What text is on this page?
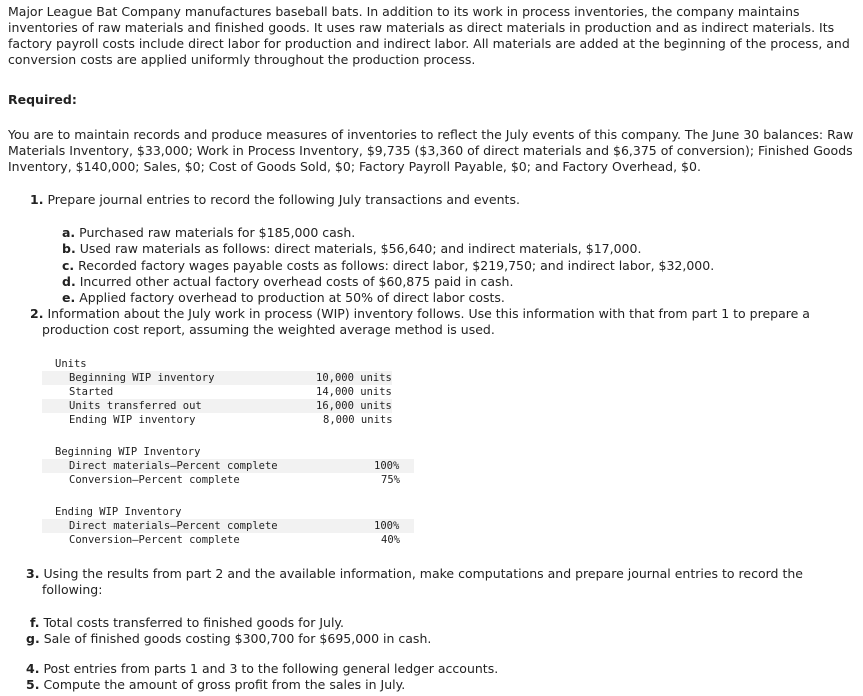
Major League Bat Company manufactures baseball bats. In addition to its work in process inventories, the company maintains inventories of raw materials and finished goods. It uses raw materials as direct materials in production and as indirect materials. Its factory payroll costs include direct labor for production and indirect labor. All materials are added at the beginning of the process, and conversion costs are applied uniformly throughout the production process.

Required:

You are to maintain records and produce measures of inventories to reflect the July events of this company. The June 30 balances: Raw Materials Inventory, $33,000; Work in Process Inventory, $9,735 ($3,360 of direct materials and $6,375 of conversion); Finished Goods Inventory, $140,000; Sales, $0; Cost of Goods Sold, $0; Factory Payroll Payable, $0; and Factory Overhead, $0.

1. Prepare journal entries to record the following July transactions and events.

a. Purchased raw materials for $185,000 cash.

b. Used raw materials as follows: direct materials, $56,640; and indirect materials, $17,000.

c. Recorded factory wages payable costs as follows: direct labor, $219,750; and indirect labor, $32,000.

d. Incurred other actual factory overhead costs of $60,875 paid in cash.

e. Applied factory overhead to production at 50% of direct labor costs.

2. Information about the July work in process (WIP) inventory follows. Use this information with that from part 1 to prepare a

production cost report, assuming the weighted average method is used.

Units
Beginning WIP inventory	10,000 units
Started	14,000 units
Units transferred out	16,000 units
Ending WIP inventory	8,000 units
Beginning WIP Inventory
Direct materials—Percent complete	100%
Conversion—Percent complete	75%
Ending WIP Inventory
Direct materials—Percent complete	100%
Conversion—Percent complete	40%

3. Using the results from part 2 and the available information, make computations and prepare journal entries to record the

following:

f. Total costs transferred to finished goods for July.

g. Sale of finished goods costing $300,700 for $695,000 in cash.

4. Post entries from parts 1 and 3 to the following general ledger accounts.

5. Compute the amount of gross profit from the sales in July.
